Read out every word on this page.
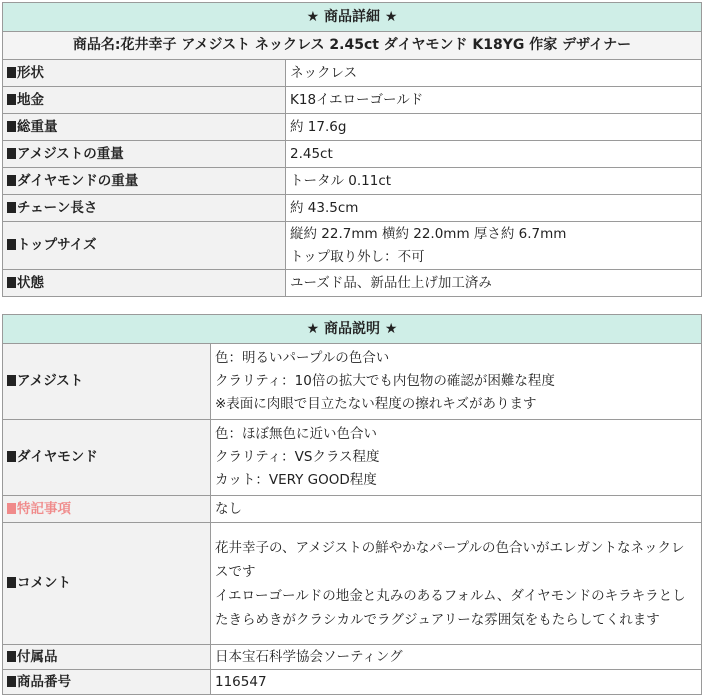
★ 商品詳細 ★	
商品名:花井幸子 アメジスト ネックレス 2.45ct ダイヤモンド K18YG 作家 デザイナー	
形状	ネックレス

地金	K18イエローゴールド

総重量	約 17.6g

アメジストの重量	2.45ct

ダイヤモンドの重量	トータル 0.11ct

チェーン長さ	約 43.5cm

トップサイズ	縦約 22.7mm 横約 22.0mm 厚さ約 6.7mm
トップ取り外し：不可

状態	ユーズド品、新品仕上げ加工済み
★ 商品説明 ★	
アメジスト	色：明るいパープルの色合い
クラリティ：10倍の拡大でも内包物の確認が困難な程度
※表面に肉眼で目立たない程度の擦れキズがあります

ダイヤモンド	色：ほぼ無色に近い色合い
クラリティ：VSクラス程度
カット：VERY GOOD程度

特記事項	なし

コメント	花井幸子の、アメジストの鮮やかなパープルの色合いがエレガントなネックレスです
イエローゴールドの地金と丸みのあるフォルム、ダイヤモンドのキラキラとしたきらめきがクラシカルでラグジュアリーな雰囲気をもたらしてくれます

付属品	日本宝石科学協会ソーティング

商品番号	116547
